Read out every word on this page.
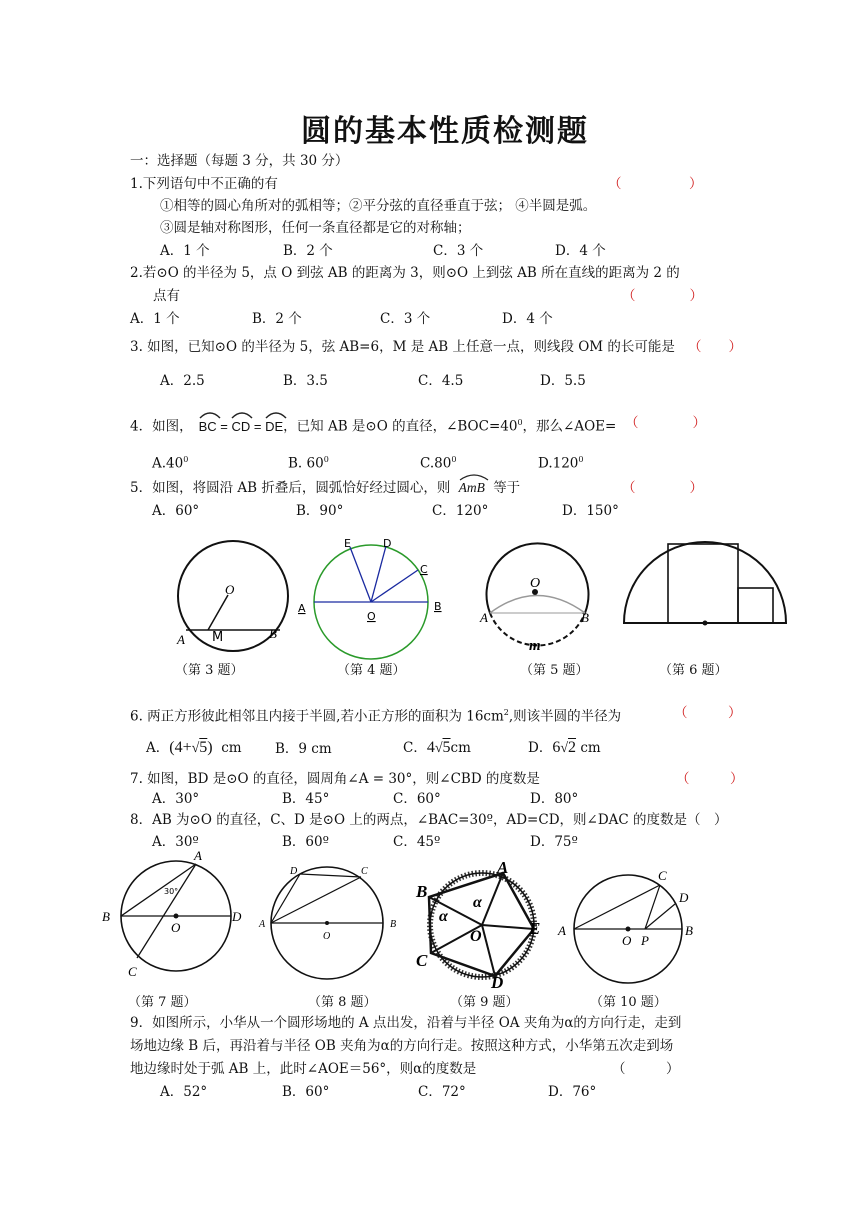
圆的基本性质检测题
一：选择题（每题 3 分，共 30 分）
1.下列语句中不正确的有	（　　　　　）
①相等的圆心角所对的弧相等；②平分弦的直径垂直于弦； ④半圆是弧。
③圆是轴对称图形，任何一条直径都是它的对称轴；
A．1 个	B．2 个	C．3 个	D．4 个
2.若⊙O 的半径为 5，点 O 到弦 AB 的距离为 3，则⊙O 上到弦 AB 所在直线的距离为 2 的
点有	（　　　　）
A．1 个	B．2 个	C．3 个	D．4 个
3. 如图，已知⊙O 的半径为 5，弦 AB=6，M 是 AB 上任意一点，则线段 OM 的长可能是 （　　）
A．2.5	B．3.5	C．4.5	D．5.5
4．如图， BC =
CD =
DE，已知 AB 是⊙O 的直径，$\angle BOC=40^0$，那么∠AOE= （　　　　）
$A.40^0$	B. $60^0$	$C.80^0$	D.120$^0$
5．如图，将圆沿 AB 折叠后，圆弧恰好经过圆心，则 AmB 等于	（　　　　）
A．60°	B．90°	C．120°	D．150°
O
A M	B
E	D
C
A
O
B
O
A	B
m
（第 3 题）	（第 4 题）	（第 5 题）	（第 6 题）
6. 两正方形彼此相邻且内接于半圆,若小正方形的面积为 $16cm^2$,则该半圆的半径为	（　　　）
A．(4+√5) cm B．9 cm	C．4√5cm	D．6√2 cm
7. 如图，BD 是⊙O 的直径，圆周角∠A = 30°，则∠CBD 的度数是	（　　　）
A．30°	B．45°	C．60°	D．80°
8．AB 为⊙O 的直径，C、D 是⊙O 上的两点，∠BAC=30º，AD=CD，则∠DAC 的度数是（　）
A．30º	B．60º	C．45º	D．75º
A
B
O
D
C
30°
D	C
A
O
B
A
B
C
D
E
O
α
α
C
D
A
O P
B
（第 7 题）	（第 8 题）	（第 9 题）	（第 10 题）
9．如图所示，小华从一个圆形场地的 A 点出发，沿着与半径 OA 夹角为α的方向行走，走到
场地边缘 B 后，再沿着与半径 OB 夹角为α的方向行走。按照这种方式，小华第五次走到场
地边缘时处于弧 AB 上，此时∠AOE＝56°，则α的度数是	（　　　）
A．52°	B．60°	C．72°	D．76°
